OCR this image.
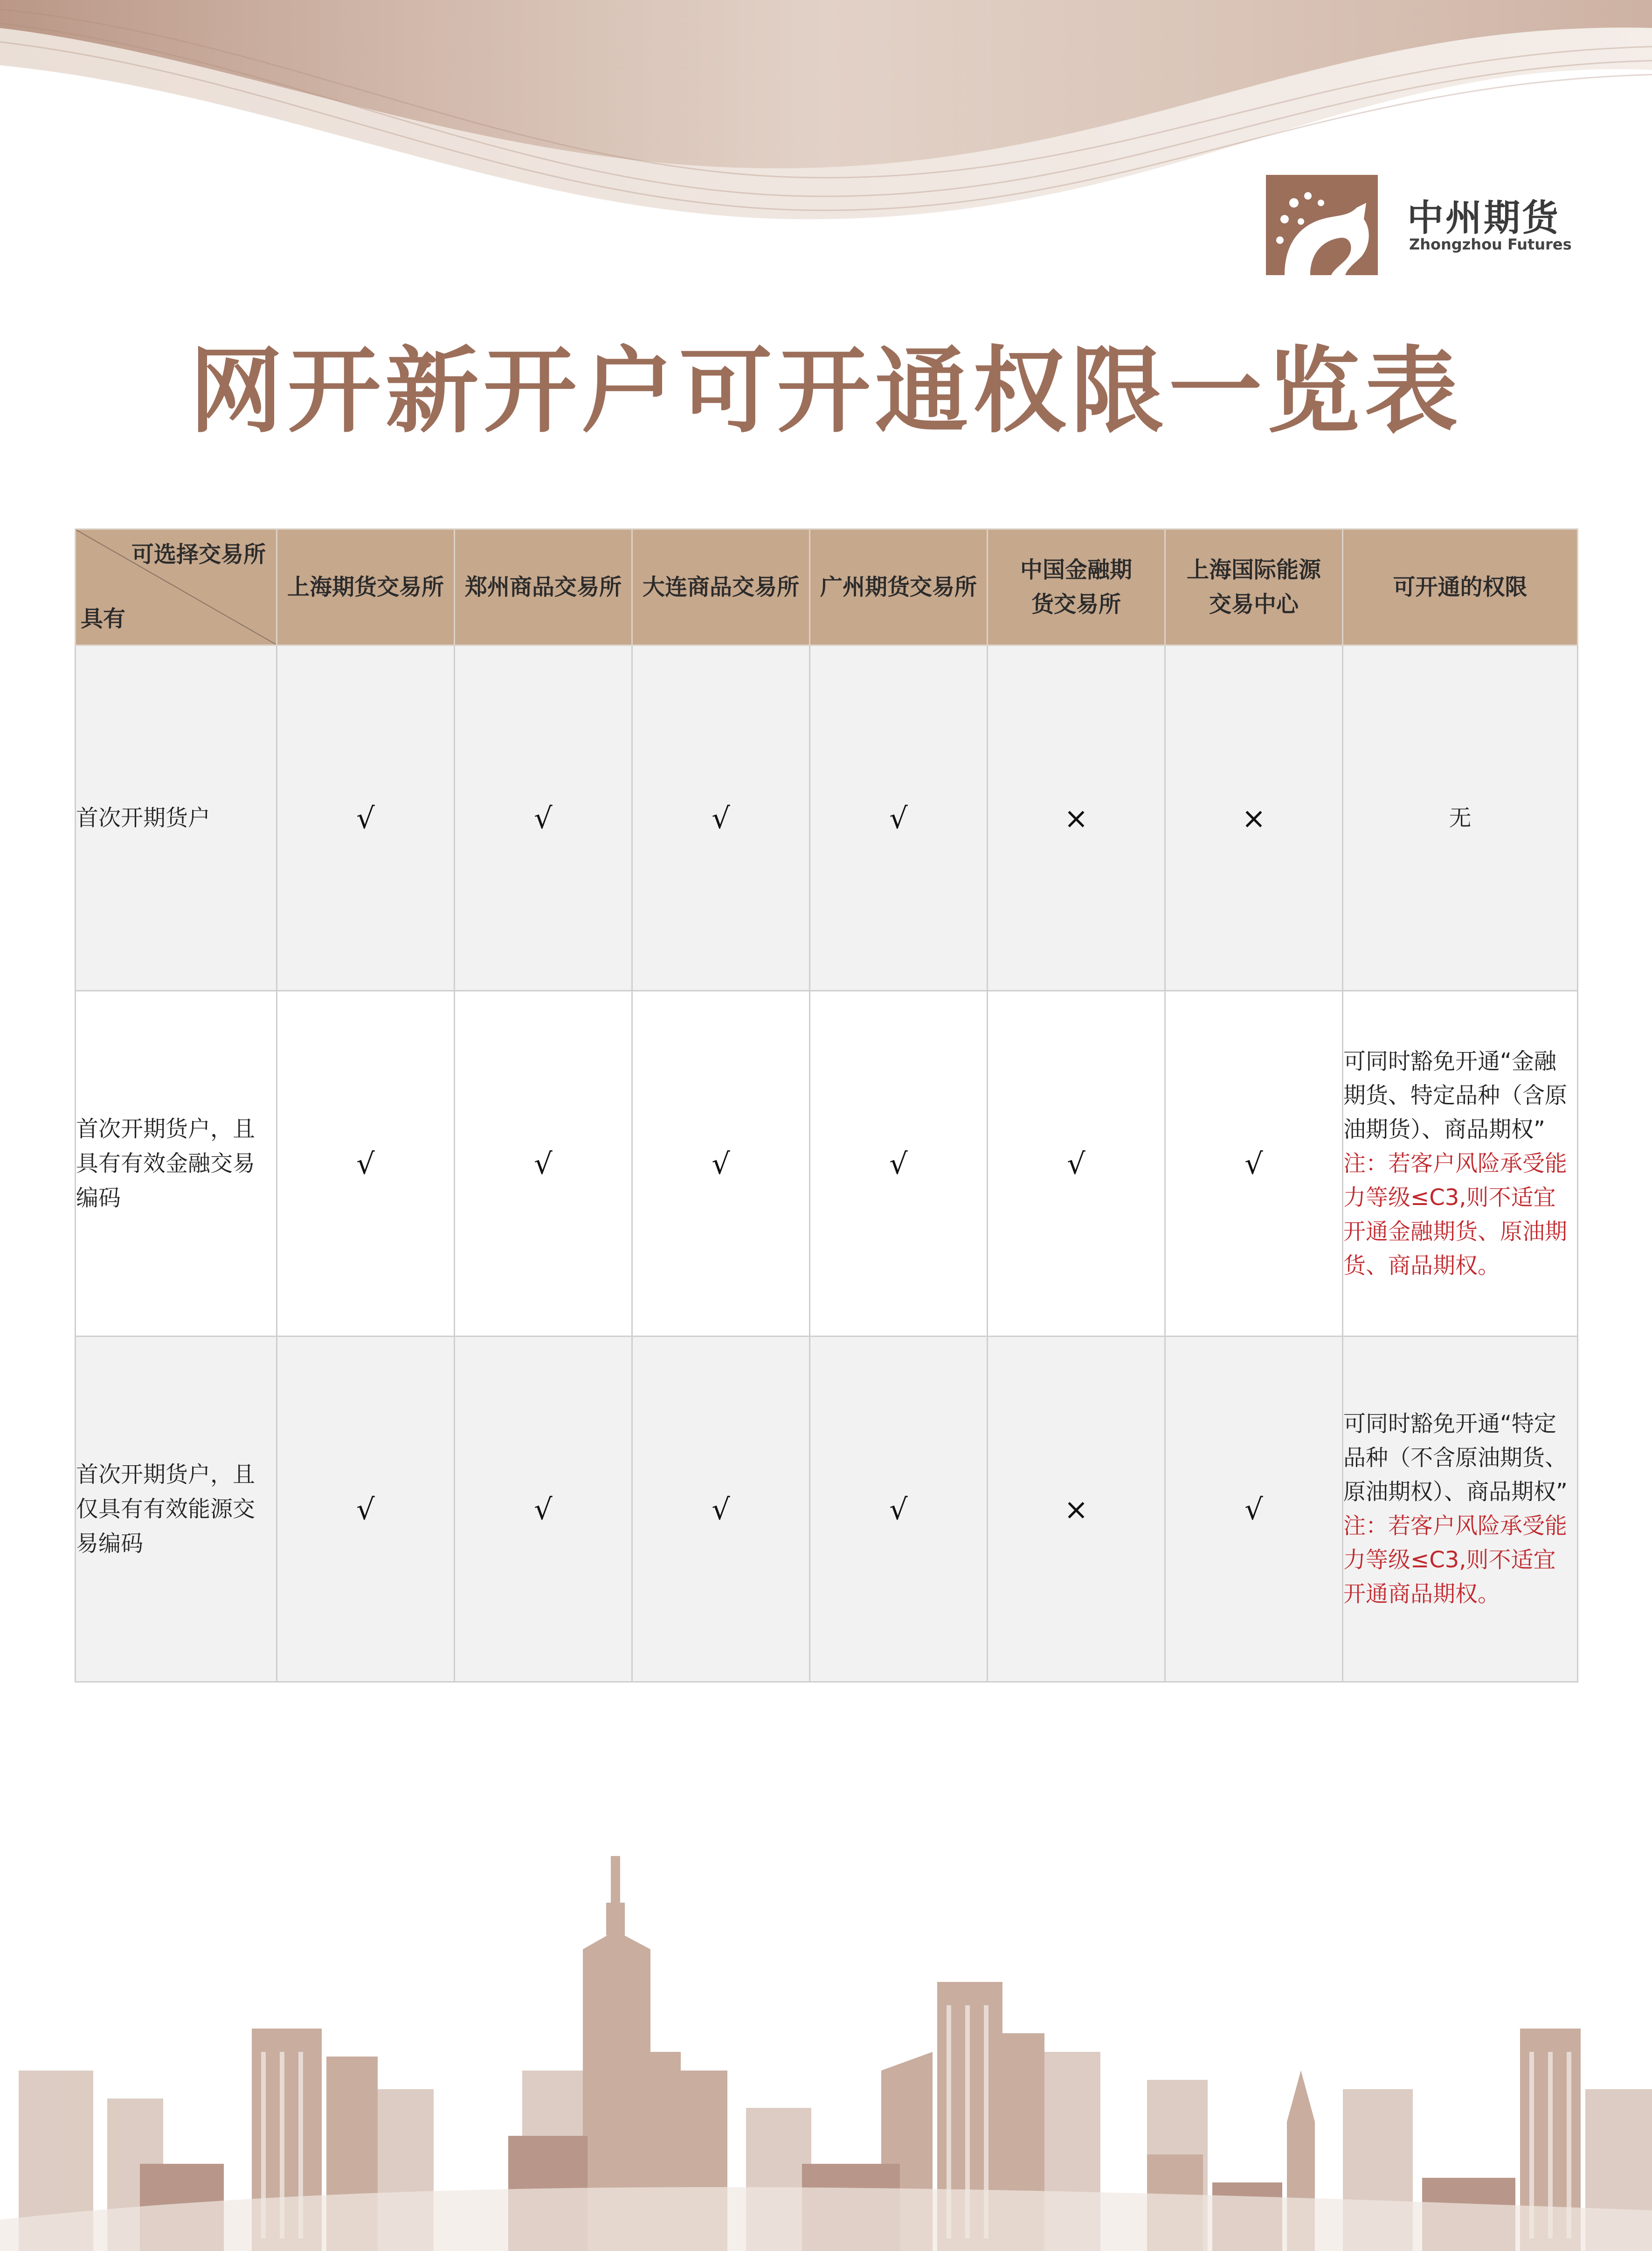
中州期货
Zhongzhou Futures
网开新开户可开通权限一览表
可选择交易所
具有	上海期货交易所	郑州商品交易所	大连商品交易所	广州期货交易所	中国金融期货交易所	上海国际能源交易中心	可开通的权限
首次开期货户	√	√	√	√	×	×	无
首次开期货户，且具有有效金融交易编码	√	√	√	√	√	√	可同时豁免开通“金融期货、特定品种（含原油期货）、商品期权”
注：若客户风险承受能力等级≤C3,则不适宜开通金融期货、原油期货、商品期权。

首次开期货户，且仅具有有效能源交易编码	√	√	√	√	×	√	可同时豁免开通“特定品种（不含原油期货、原油期权）、商品期权”
注：若客户风险承受能力等级≤C3,则不适宜开通商品期权。
